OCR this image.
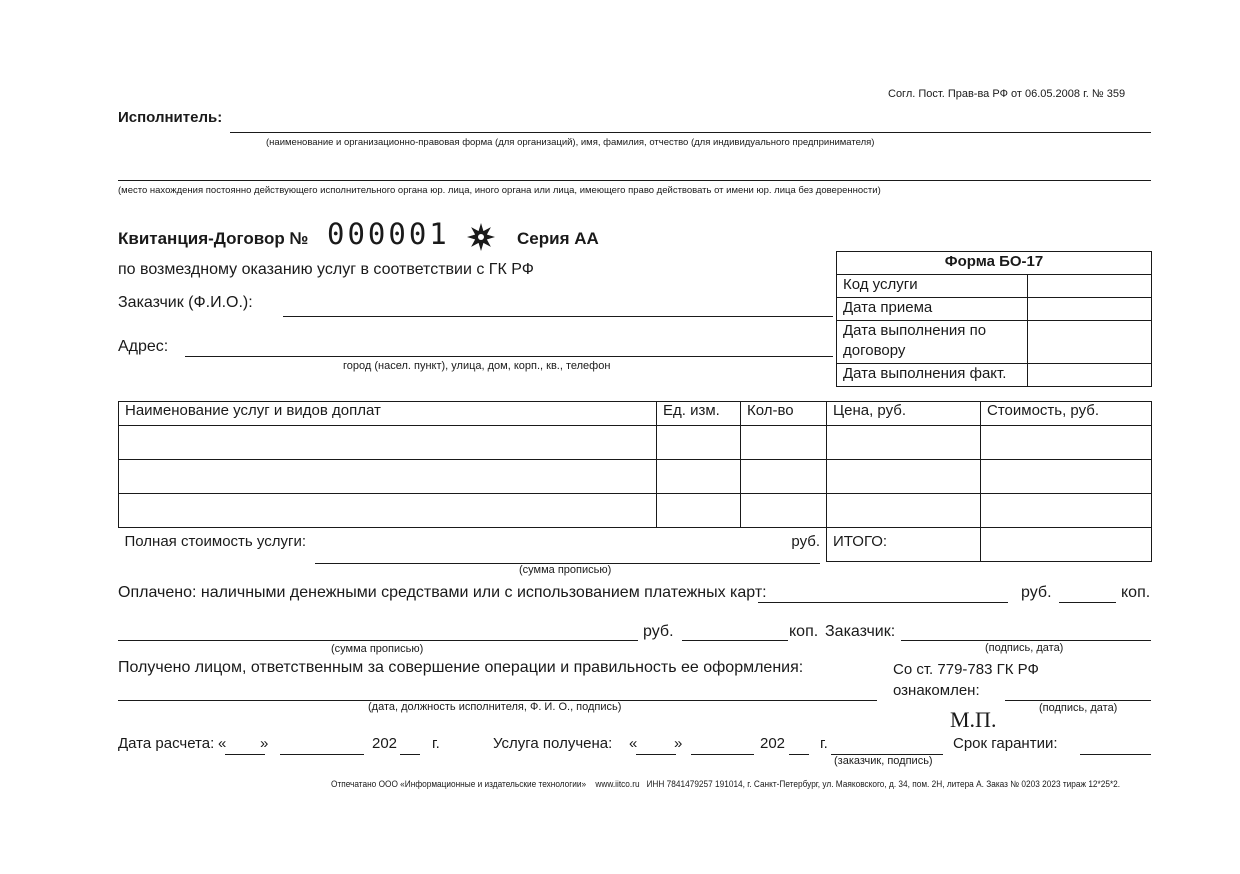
Согл. Пост. Прав-ва РФ от 06.05.2008 г. № 359
Исполнитель:
(наименование и организационно-правовая форма (для организаций), имя, фамилия, отчество (для индивидуального предпринимателя)
(место нахождения постоянно действующего исполнительного органа юр. лица, иного органа или лица, имеющего право действовать от имени юр. лица без доверенности)
Квитанция-Договор № 000001	Серия АА
по возмездному оказанию услуг в соответствии с ГК РФ
Заказчик (Ф.И.О.):
Адрес:
город (насел. пункт), улица, дом, корп., кв., телефон
Форма БО-17	
Код услуги	
Дата приема	
Дата выполнения по договору	
Дата выполнения факт.	
Наименование услуг и видов доплат	Ед. изм.	Кол-во	Цена, руб.	Стоимость, руб.

Полная стоимость услуги: руб.			ИТОГО:	
(сумма прописью)
Оплачено: наличными денежными средствами или с использованием платежных карт:	руб.	коп.
руб.	коп. Заказчик:
(сумма прописью)	(подпись, дата)
Получено лицом, ответственным за совершение операции и правильность ее оформления:
(дата, должность исполнителя, Ф. И. О., подпись)
Со ст. 779-783 ГК РФ
ознакомлен:
(подпись, дата)
М.П.
Дата расчета: « »	202 г.	Услуга получена: « »	202 г.
(заказчик, подпись)
Срок гарантии:
Отпечатано ООО «Информационные и издательские технологии» www.iitco.ru ИНН 7841479257 191014, г. Санкт-Петербург, ул. Маяковского, д. 34, пом. 2Н, литера А. Заказ № 0203 2023 тираж 12*25*2.
